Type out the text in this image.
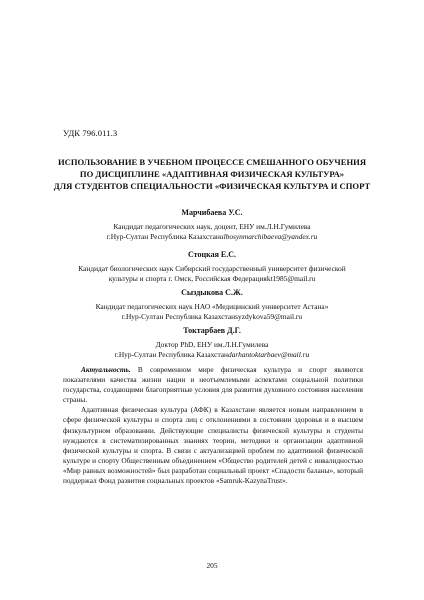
УДК 796.011.3
ИСПОЛЬЗОВАНИЕ В УЧЕБНОМ ПРОЦЕССЕ СМЕШАННОГО ОБУЧЕНИЯ
ПО ДИСЦИПЛИНЕ «АДАПТИВНАЯ ФИЗИЧЕСКАЯ КУЛЬТУРА»
ДЛЯ СТУДЕНТОВ СПЕЦИАЛЬНОСТИ «ФИЗИЧЕСКАЯ КУЛЬТУРА И СПОРТ
Марчибаева У.С.
Кандидат педагогических наук, доцент, ЕНУ им.Л.Н.Гумилева
г.Нур-Султан Республика Казахстанulbosynmarchibaeva@yandex.ru
Стоцкая Е.С.
Кандидат биологических наук Сибирский государственный университет физической
культуры и спорта г. Омск, Российская Федерацияkt1985@mail.ru
Сыздыкова С.Ж.
Кандидат педагогических наук НАО «Медицинский университет Астана»
г.Нур-Султан Республика Казахстанsyzdykova59@mail.ru
Токтарбаев Д.Г.
Доктор PhD, ЕНУ им.Л.Н.Гумилева
г.Нур-Султан Республика Казахстанdarhantoktarbaev@mail.ru

Актуальность. В современном мире физическая культура и спорт являются показателями качества жизни нации и неотъемлемыми аспектами социальной политики государства, создающими благоприятные условия для развития духовного состояния населения страны.

Адаптивная физическая культура (АФК) в Казахстане является новым направлением в сфере физической культуры и спорта лиц с отклонениями в состоянии здоровья и в высшем физкультурном образовании. Действующие специалисты физической культуры и студенты нуждаются в систематизированных знаниях теории, методики и организации адаптивной физической культуры и спорта. В связи с актуализацией проблем по адаптивной физической культуре и спорту Общественным объединением «Общество родителей детей с инвалидностью «Мир равных возможностей» был разработан социальный проект «Спадости баланы», который поддержал Фонд развития социальных проектов «Samruk-KazynaTrust».

205
